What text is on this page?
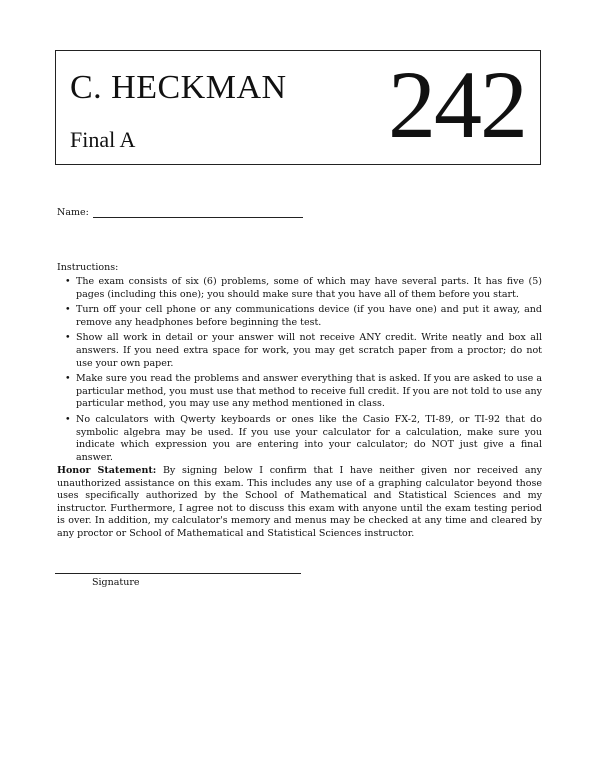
C. HECKMAN
Final A	242
Name:
Instructions:
• The exam consists of six (6) problems, some of which may have several parts. It has five (5) pages (including this one); you should make sure that you have all of them before you start.
• Turn off your cell phone or any communications device (if you have one) and put it away, and remove any headphones before beginning the test.
• Show all work in detail or your answer will not receive ANY credit. Write neatly and box all answers. If you need extra space for work, you may get scratch paper from a proctor; do not use your own paper.
• Make sure you read the problems and answer everything that is asked. If you are asked to use a particular method, you must use that method to receive full credit. If you are not told to use any particular method, you may use any method mentioned in class.
• No calculators with Qwerty keyboards or ones like the Casio FX-2, TI-89, or TI-92 that do symbolic algebra may be used. If you use your calculator for a calculation, make sure you indicate which expression you are entering into your calculator; do NOT just give a final answer.
Honor Statement: By signing below I confirm that I have neither given nor received any unauthorized assistance on this exam. This includes any use of a graphing calculator beyond those uses specifically authorized by the School of Mathematical and Statistical Sciences and my instructor. Furthermore, I agree not to discuss this exam with anyone until the exam testing period is over. In addition, my calculator's memory and menus may be checked at any time and cleared by any proctor or School of Mathematical and Statistical Sciences instructor.
Signature
